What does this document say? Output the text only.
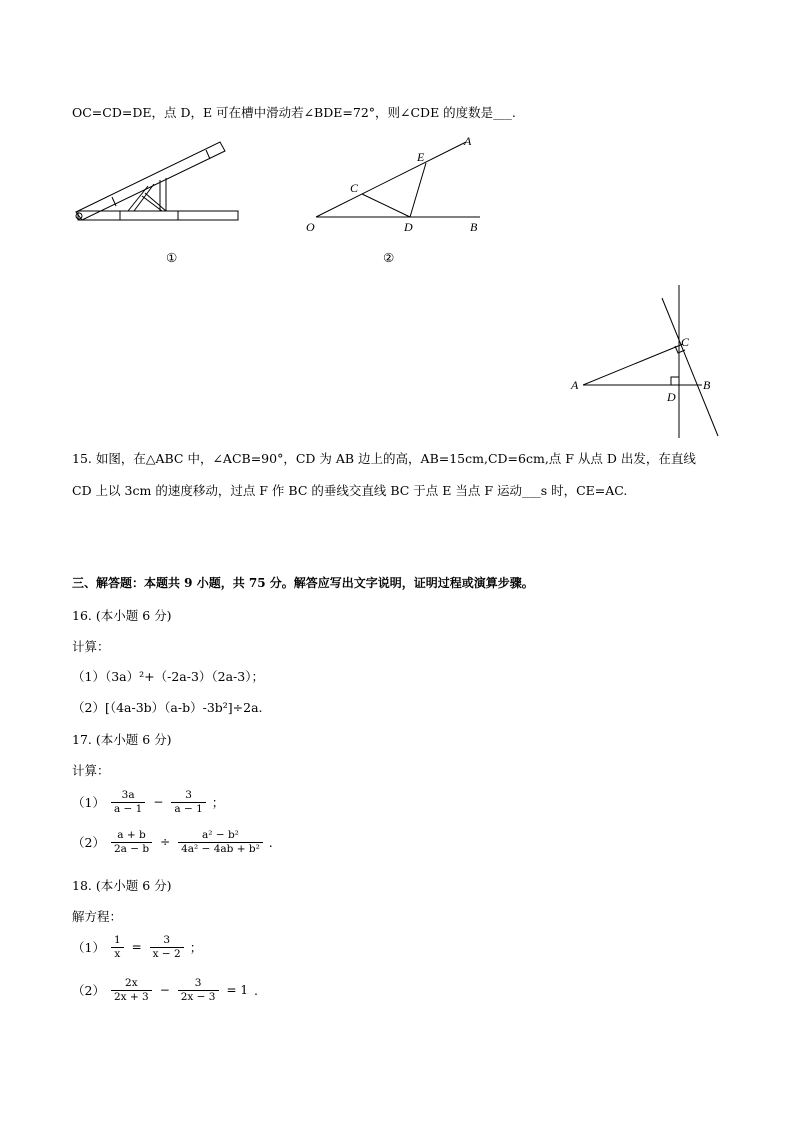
OC=CD=DE，点 D，E 可在槽中滑动若∠BDE=72°，则∠CDE 的度数是___.
①
O
C
D
E
A
B
②
A
C
D
B
15. 如图，在△ABC 中，∠ACB=90°，CD 为 AB 边上的高，AB=15cm,CD=6cm,点 F 从点 D 出发，在直线
CD 上以 3cm 的速度移动，过点 F 作 BC 的垂线交直线 BC 于点 E 当点 F 运动___s 时，CE=AC.
三、解答题：本题共 9 小题，共 75 分。解答应写出文字说明，证明过程或演算步骤。
16. (本小题 6 分)
计算：
（1）（3a）²+（-2a-3）（2a-3）；
（2）[（4a-3b）（a-b）-3b²]÷2a.
17. (本小题 6 分)
计算：
$(1) \frac{3a}{a - 1} - \frac{3}{a - 1}$ ；
$(2) \frac{a + b}{2a - b} \div \frac{\text{a² − b²}}{\text{4a² − 4ab + b²}}$ .
18. (本小题 6 分)
解方程：
$(1) \frac{1}{x} = \frac{3}{x - 2}$ ；
$(2) \frac{2x}{2x + 3} - \frac{3}{2x - 3} = 1$ .
